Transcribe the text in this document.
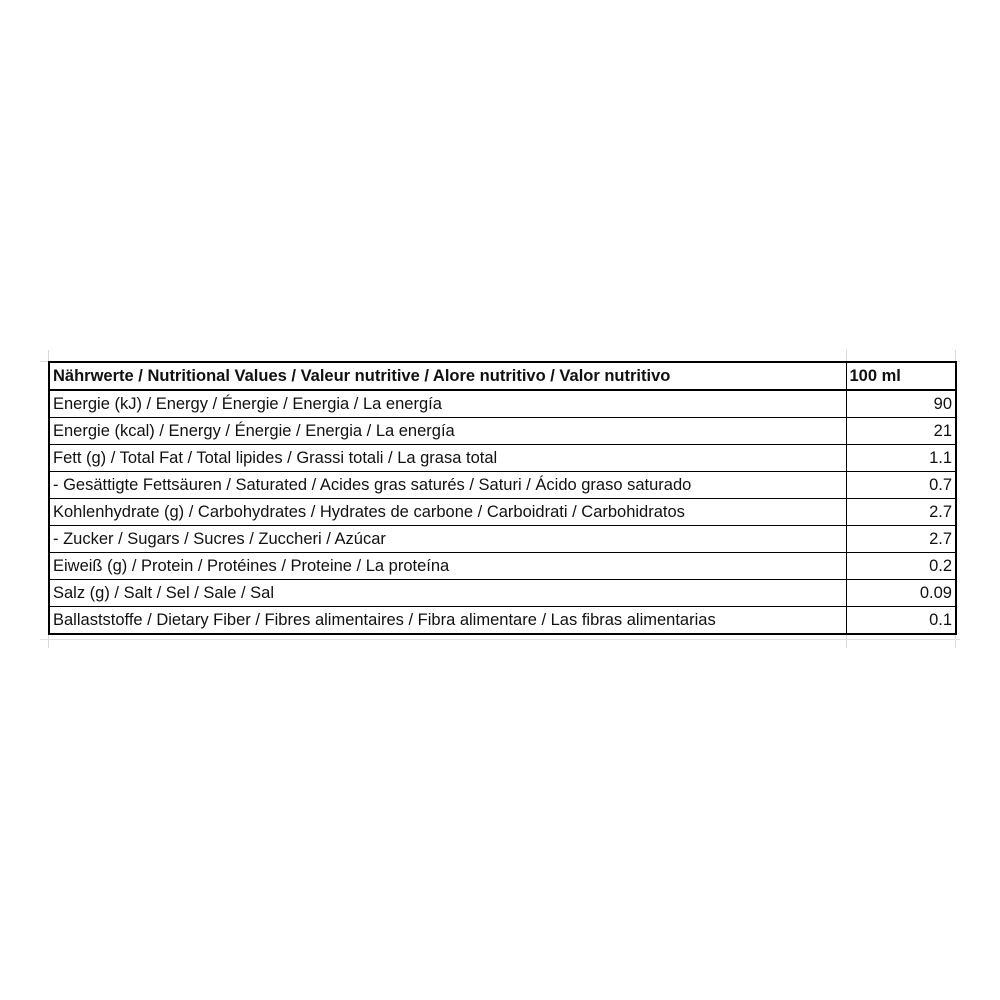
Nährwerte / Nutritional Values / Valeur nutritive / Alore nutritivo / Valor nutritivo	100 ml
Energie (kJ) / Energy / Énergie / Energia / La energía	90
Energie (kcal) / Energy / Énergie / Energia / La energía	21
Fett (g) / Total Fat / Total lipides / Grassi totali / La grasa total	1.1
- Gesättigte Fettsäuren / Saturated / Acides gras saturés / Saturi / Ácido graso saturado	0.7
Kohlenhydrate (g) / Carbohydrates / Hydrates de carbone / Carboidrati / Carbohidratos	2.7
- Zucker / Sugars / Sucres / Zuccheri / Azúcar	2.7
Eiweiß (g) / Protein / Protéines / Proteine / La proteína	0.2
Salz (g) / Salt / Sel / Sale / Sal	0.09
Ballaststoffe / Dietary Fiber / Fibres alimentaires / Fibra alimentare / Las fibras alimentarias	0.1
